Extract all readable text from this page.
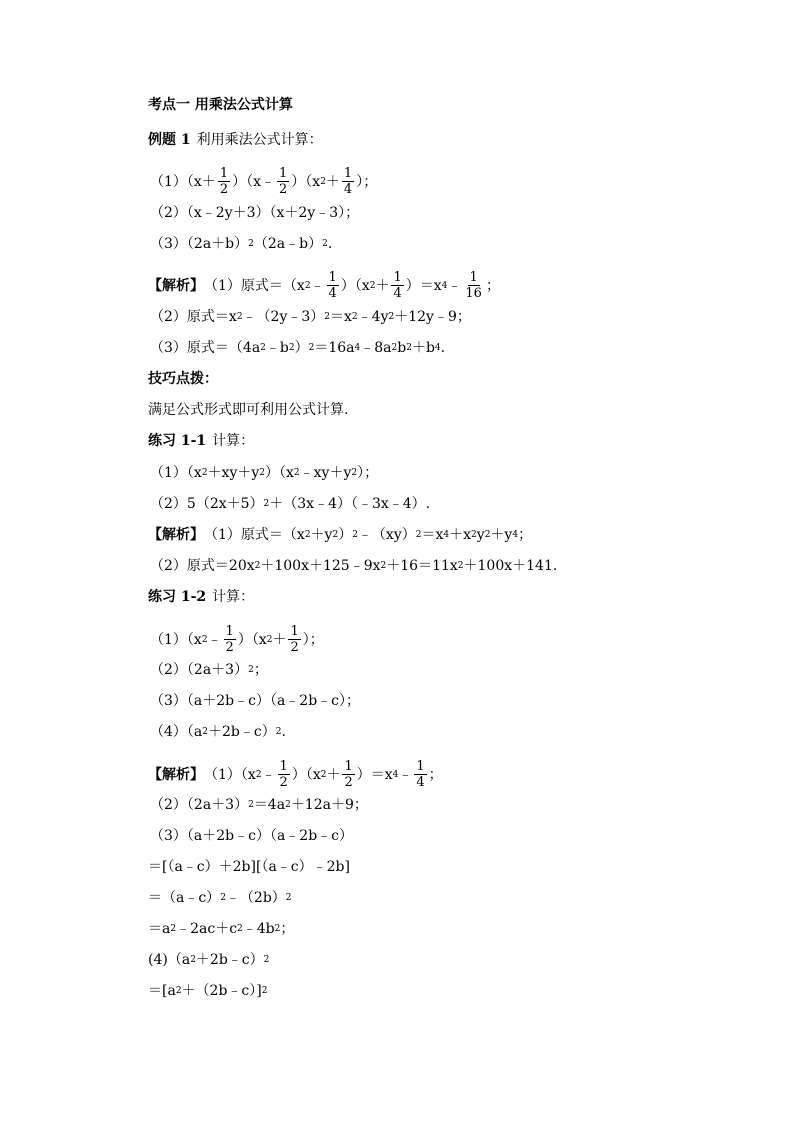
考点一 用乘法公式计算
例题 1 利用乘法公式计算：
$(1)(x+ \frac{1}{2}$ ）（x﹣ $\frac{1}{2} )(x$ $2 + \frac{1}{4}$ ）；
（2）（x﹣2y＋3）（x＋2y﹣3）；
（3）（2a＋b） 2 （2a﹣b） 2 .
【解析】 （1）原式＝（x 2 ﹣ $\frac{1}{4} )(x$ $2 + \frac{1}{4} )=x$ 4 ﹣ $\frac{1}{16}$ ；
（2）原式＝x 2 ﹣（2y﹣3） 2 ＝x 2 ﹣4y 2 ＋12y﹣9；
（3）原式＝（4a 2 ﹣b 2 ） 2 ＝16a 4 ﹣8a 2 b 2 ＋b 4 .
技巧点拨：
满足公式形式即可利用公式计算.
练习 1-1 计算：
（1）（x 2 ＋xy＋y 2 ）（x 2 ﹣xy＋y 2 ）；
（2）5（2x＋5） 2 ＋（3x﹣4）（﹣3x﹣4）.
【解析】 （1）原式＝（x 2 ＋y 2 ） 2 ﹣（xy） 2 ＝x 4 ＋x 2 y 2 ＋y 4 ；
（2）原式＝20x 2 ＋100x＋125﹣9x 2 ＋16＝11x 2 ＋100x＋141.
练习 1-2 计算：
（1）（x 2 ﹣ $\frac{1}{2} )(x$ $2 + \frac{1}{2}$ ）；
（2）（2a＋3） 2 ；
（3）（a＋2b﹣c）（a﹣2b﹣c）；
（4）（a 2 ＋2b﹣c） 2 .
【解析】 （1）（x 2 ﹣ $\frac{1}{2} )(x$ $2 + \frac{1}{2} )=x$ 4 ﹣ $\frac{1}{4}$ ；
（2）（2a＋3） 2 ＝4a 2 ＋12a＋9；
（3）（a＋2b﹣c）（a﹣2b﹣c）
＝[（a﹣c）＋2b][（a﹣c）﹣2b]
＝（a﹣c） 2 ﹣（2b） 2
＝a 2 ﹣2ac＋c 2 ﹣4b 2 ；
(4)（a 2 ＋2b﹣c） 2
＝[a 2 ＋（2b﹣c）] 2
